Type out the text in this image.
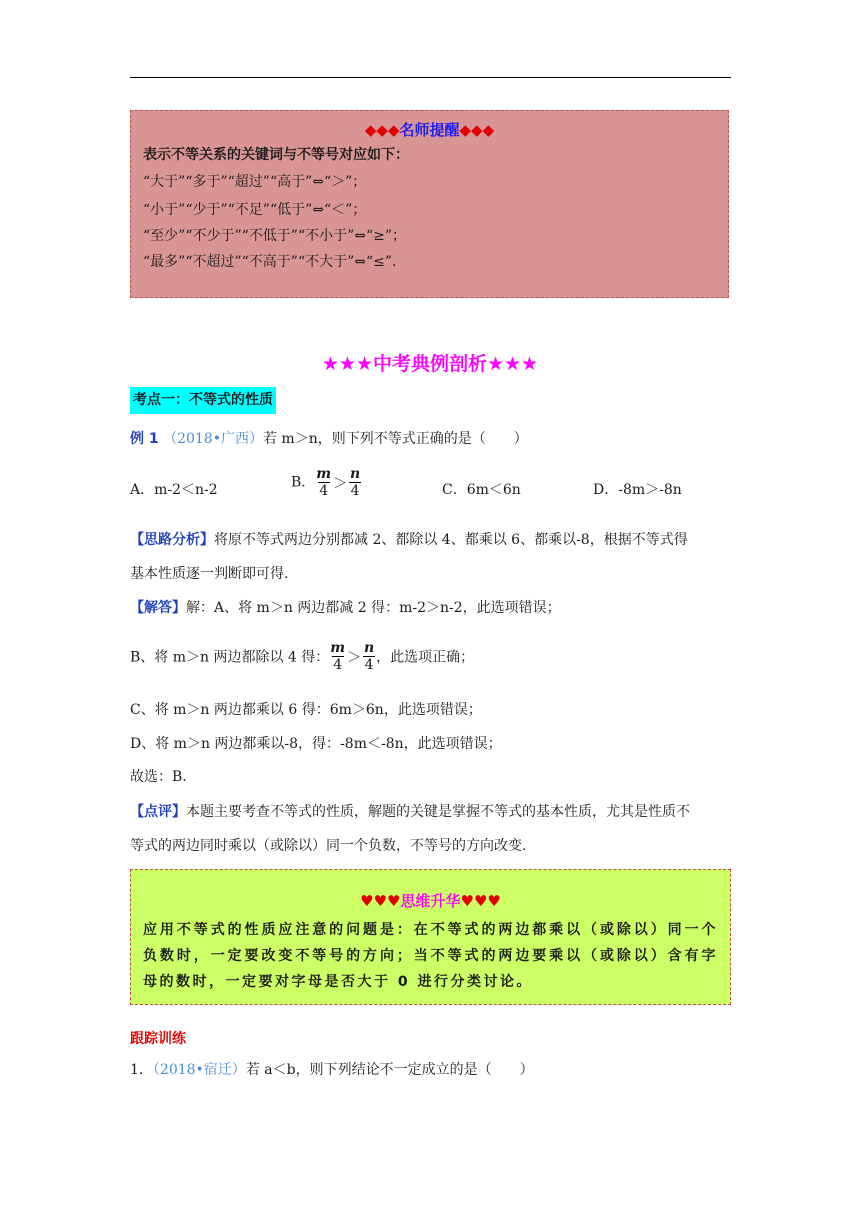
◆◆◆名师提醒◆◆◆
表示不等关系的关键词与不等号对应如下：
“大于”“多于”“超过”“高于”⇔“＞”；
“小于”“少于”“不足”“低于”⇔“＜”；
“至少”“不少于”“不低于”“不小于”⇔“≥”；
“最多”“不超过”“不高于”“不大于”⇔“≤”.
★★★中考典例剖析★★★
考点一：不等式的性质
例 1 （2018•广西）若 m＞n，则下列不等式正确的是（　　）
A．m-2＜n-2	B． $\frac{m}{4} > \frac{n}{4}$	C．6m＜6n	D．-8m＞-8n
【思路分析】将原不等式两边分别都减 2、都除以 4、都乘以 6、都乘以-8，根据不等式得
基本性质逐一判断即可得.
【解答】解：A、将 m＞n 两边都减 2 得：m-2＞n-2，此选项错误；
B、将 m＞n 两边都除以 4 得： $\frac{m}{4} > \frac{n}{4}$ ，此选项正确；
C、将 m＞n 两边都乘以 6 得：6m＞6n，此选项错误；
D、将 m＞n 两边都乘以-8，得：-8m＜-8n，此选项错误；
故选：B.
【点评】本题主要考查不等式的性质，解题的关键是掌握不等式的基本性质，尤其是性质不
等式的两边同时乘以（或除以）同一个负数，不等号的方向改变.
♥♥♥思维升华♥♥♥
应用不等式的性质应注意的问题是：在不等式的两边都乘以（或除以）同一个负数时，一定要改变不等号的方向；当不等式的两边要乘以（或除以）含有字母的数时，一定要对字母是否大于 0 进行分类讨论。
跟踪训练
1．（2018•宿迁）若 a＜b，则下列结论不一定成立的是（　　）
